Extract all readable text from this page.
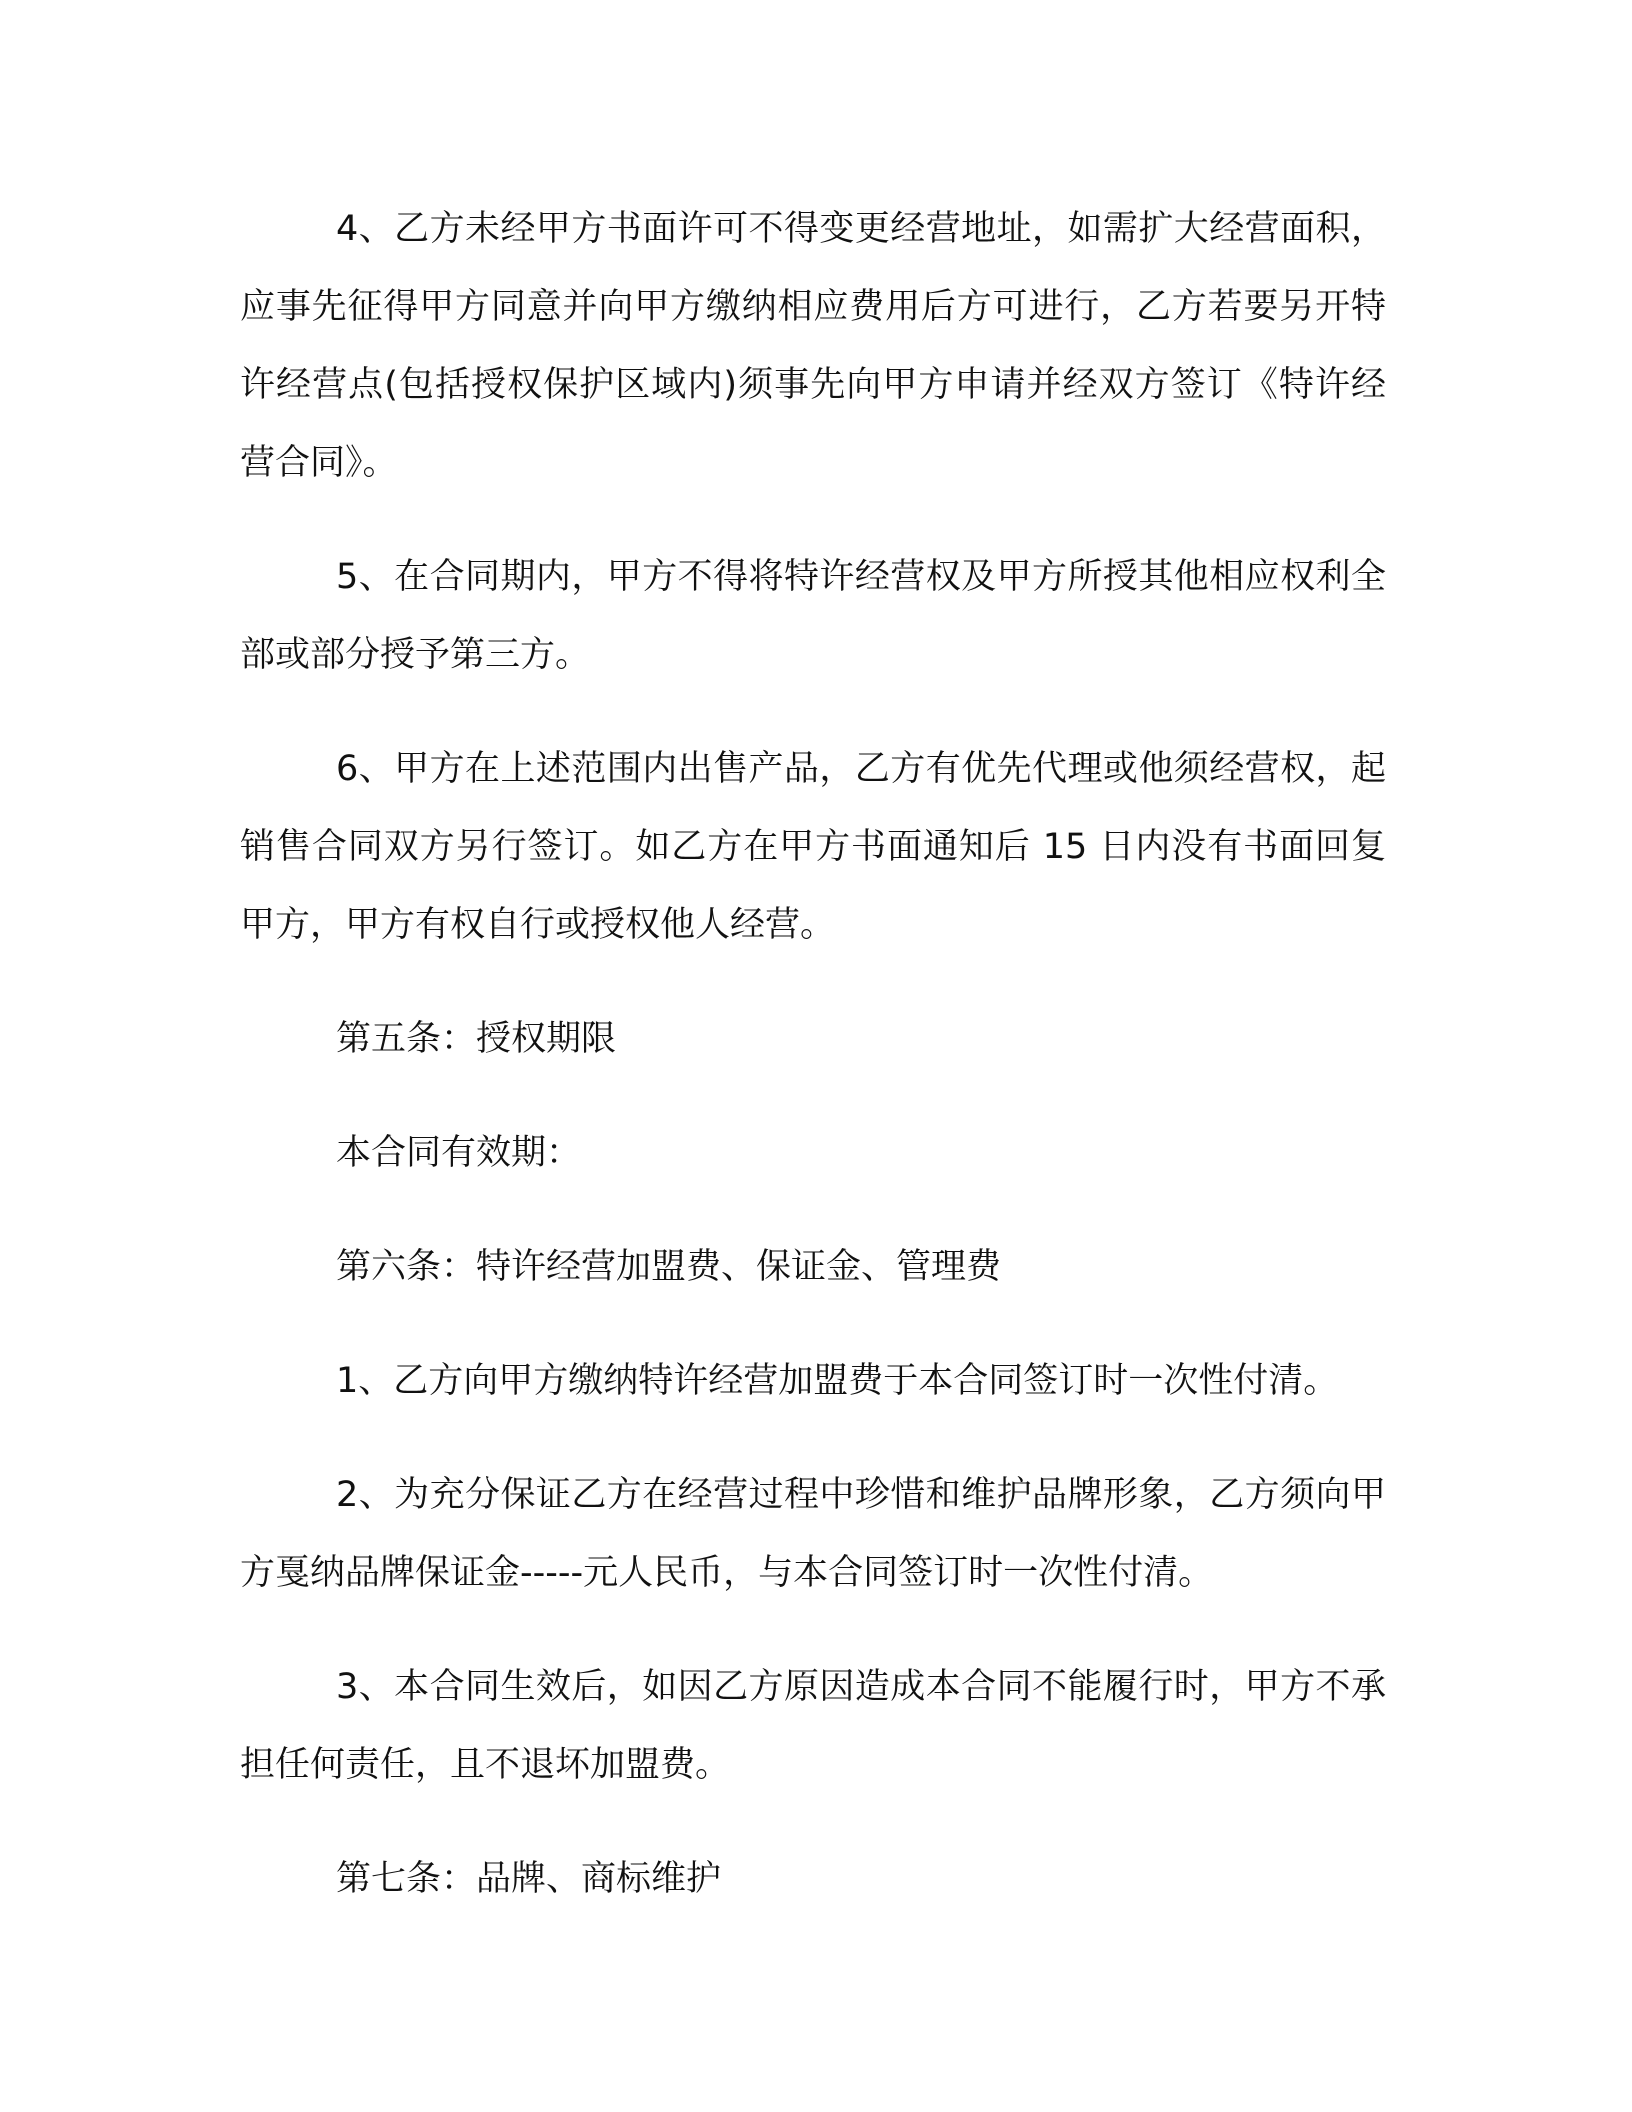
4、乙方未经甲方书面许可不得变更经营地址，如需扩大经营面积，应事先征得甲方同意并向甲方缴纳相应费用后方可进行，乙方若要另开特许经营点(包括授权保护区域内)须事先向甲方申请并经双方签订《特许经营合同》。

5、在合同期内，甲方不得将特许经营权及甲方所授其他相应权利全部或部分授予第三方。

6、甲方在上述范围内出售产品，乙方有优先代理或他须经营权，起销售合同双方另行签订。如乙方在甲方书面通知后 15 日内没有书面回复甲方，甲方有权自行或授权他人经营。

第五条：授权期限

本合同有效期：

第六条：特许经营加盟费、保证金、管理费

1、乙方向甲方缴纳特许经营加盟费于本合同签订时一次性付清。

2、为充分保证乙方在经营过程中珍惜和维护品牌形象，乙方须向甲方戛纳品牌保证金-----元人民币，与本合同签订时一次性付清。

3、本合同生效后，如因乙方原因造成本合同不能履行时，甲方不承担任何责任，且不退坏加盟费。

第七条：品牌、商标维护
